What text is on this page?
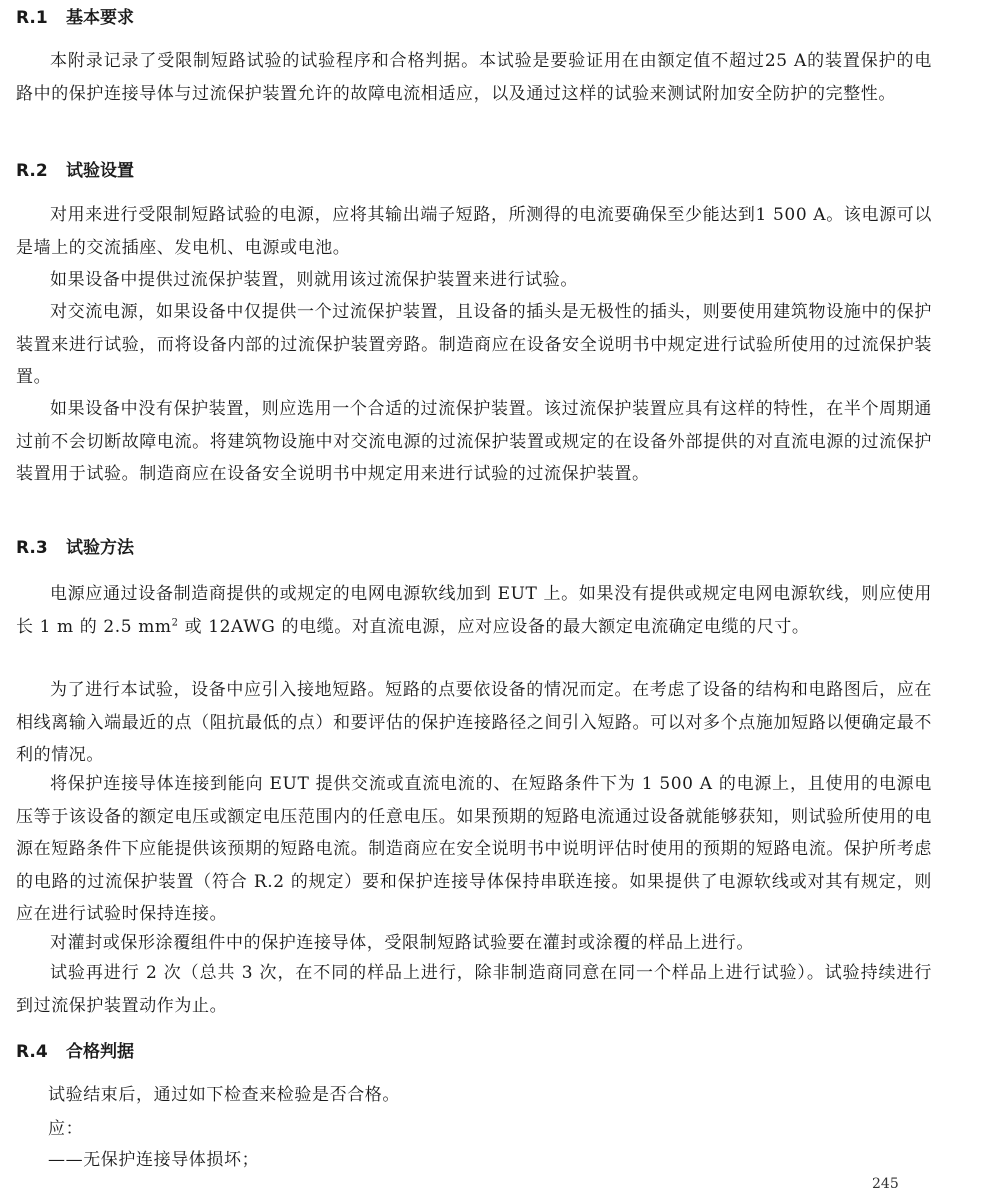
R.1 基本要求
本附录记录了受限制短路试验的试验程序和合格判据。本试验是要验证用在由额定值不超过25 A的装置保护的电路中的保护连接导体与过流保护装置允许的故障电流相适应，以及通过这样的试验来测试附加安全防护的完整性。
R.2 试验设置
对用来进行受限制短路试验的电源，应将其输出端子短路，所测得的电流要确保至少能达到1 500 A。该电源可以是墙上的交流插座、发电机、电源或电池。
如果设备中提供过流保护装置，则就用该过流保护装置来进行试验。
对交流电源，如果设备中仅提供一个过流保护装置，且设备的插头是无极性的插头，则要使用建筑物设施中的保护装置来进行试验，而将设备内部的过流保护装置旁路。制造商应在设备安全说明书中规定进行试验所使用的过流保护装置。
如果设备中没有保护装置，则应选用一个合适的过流保护装置。该过流保护装置应具有这样的特性，在半个周期通过前不会切断故障电流。将建筑物设施中对交流电源的过流保护装置或规定的在设备外部提供的对直流电源的过流保护装置用于试验。制造商应在设备安全说明书中规定用来进行试验的过流保护装置。
R.3 试验方法
电源应通过设备制造商提供的或规定的电网电源软线加到 EUT 上。如果没有提供或规定电网电源软线，则应使用长 1 m 的 2.5 $mm^2$ 或 12AWG 的电缆。对直流电源，应对应设备的最大额定电流确定电缆的尺寸。
为了进行本试验，设备中应引入接地短路。短路的点要依设备的情况而定。在考虑了设备的结构和电路图后，应在相线离输入端最近的点（阻抗最低的点）和要评估的保护连接路径之间引入短路。可以对多个点施加短路以便确定最不利的情况。
将保护连接导体连接到能向 EUT 提供交流或直流电流的、在短路条件下为 1 500 A 的电源上，且使用的电源电压等于该设备的额定电压或额定电压范围内的任意电压。如果预期的短路电流通过设备就能够获知，则试验所使用的电源在短路条件下应能提供该预期的短路电流。制造商应在安全说明书中说明评估时使用的预期的短路电流。保护所考虑的电路的过流保护装置（符合 R.2 的规定）要和保护连接导体保持串联连接。如果提供了电源软线或对其有规定，则应在进行试验时保持连接。
对灌封或保形涂覆组件中的保护连接导体，受限制短路试验要在灌封或涂覆的样品上进行。
试验再进行 2 次（总共 3 次，在不同的样品上进行，除非制造商同意在同一个样品上进行试验）。试验持续进行到过流保护装置动作为止。
R.4 合格判据
试验结束后，通过如下检查来检验是否合格。
应：
——无保护连接导体损坏；
245
